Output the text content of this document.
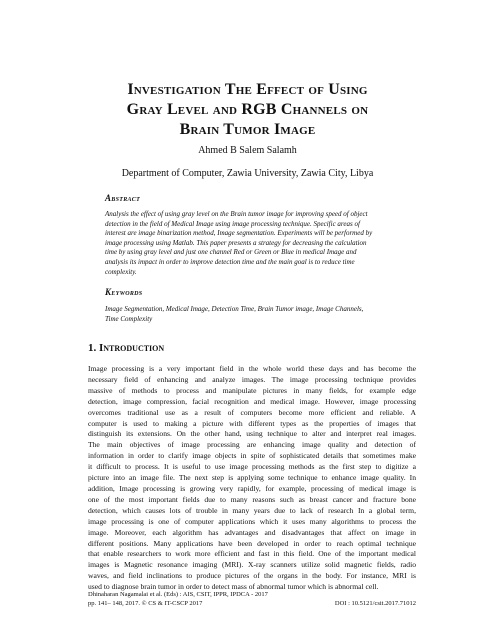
Investigation The Effect of Using
Gray Level and RGB Channels on
Brain Tumor Image
Ahmed B Salem Salamh
Department of Computer, Zawia University, Zawia City, Libya
Abstract
Analysis the effect of using gray level on the Brain tumor image for improving speed of object
detection in the field of Medical Image using image processing technique. Specific areas of
interest are image binarization method, Image segmentation. Experiments will be performed by
image processing using Matlab. This paper presents a strategy for decreasing the calculation
time by using gray level and just one channel Red or Green or Blue in medical Image and
analysis its impact in order to improve detection time and the main goal is to reduce time
complexity.
Keywords
Image Segmentation, Medical Image, Detection Time, Brain Tumor image, Image Channels,
Time Complexity
1. Introduction
Image processing is a very important field in the whole world these days and has become the
necessary field of enhancing and analyze images. The image processing technique provides
massive of methods to process and manipulate pictures in many fields, for example edge
detection, image compression, facial recognition and medical image. However, image processing
overcomes traditional use as a result of computers become more efficient and reliable. A
computer is used to making a picture with different types as the properties of images that
distinguish its extensions. On the other hand, using technique to alter and interpret real images.
The main objectives of image processing are enhancing image quality and detection of
information in order to clarify image objects in spite of sophisticated details that sometimes make
it difficult to process. It is useful to use image processing methods as the first step to digitize a
picture into an image file. The next step is applying some technique to enhance image quality. In
addition, Image processing is growing very rapidly, for example, processing of medical image is
one of the most important fields due to many reasons such as breast cancer and fracture bone
detection, which causes lots of trouble in many years due to lack of research In a global term,
image processing is one of computer applications which it uses many algorithms to process the
image. Moreover, each algorithm has advantages and disadvantages that affect on image in
different positions. Many applications have been developed in order to reach optimal technique
that enable researchers to work more efficient and fast in this field. One of the important medical
images is Magnetic resonance imaging (MRI). X-ray scanners utilize solid magnetic fields, radio
waves, and field inclinations to produce pictures of the organs in the body. For instance, MRI is
used to diagnose brain tumor in order to detect mass of abnormal tumor which is abnormal cell.
Dhinaharan Nagamalai et al. (Eds) : AIS, CSIT, IPPR, IPDCA - 2017
pp. 141– 148, 2017. © CS & IT-CSCP 2017	DOI : 10.5121/csit.2017.71012
